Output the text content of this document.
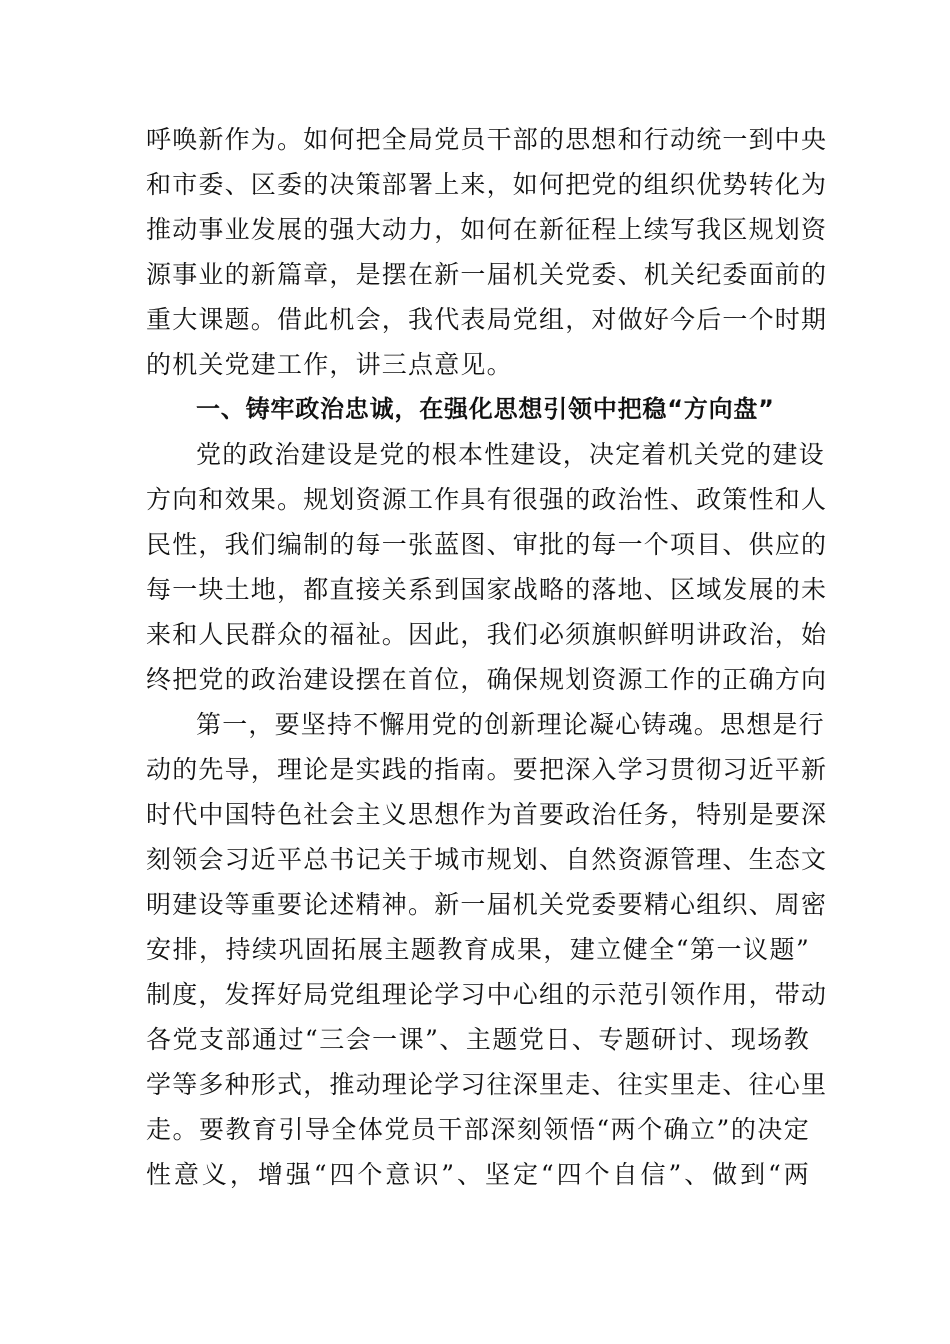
呼唤新作为。如何把全局党员干部的思想和行动统一到中央
和市委、区委的决策部署上来，如何把党的组织优势转化为
推动事业发展的强大动力，如何在新征程上续写我区规划资
源事业的新篇章，是摆在新一届机关党委、机关纪委面前的
重大课题。借此机会，我代表局党组，对做好今后一个时期
的机关党建工作，讲三点意见。
一、铸牢政治忠诚，在强化思想引领中把稳“方向盘”
党的政治建设是党的根本性建设，决定着机关党的建设
方向和效果。规划资源工作具有很强的政治性、政策性和人
民性，我们编制的每一张蓝图、审批的每一个项目、供应的
每一块土地，都直接关系到国家战略的落地、区域发展的未
来和人民群众的福祉。因此，我们必须旗帜鲜明讲政治，始
终把党的政治建设摆在首位，确保规划资源工作的正确方向
第一，要坚持不懈用党的创新理论凝心铸魂。思想是行
动的先导，理论是实践的指南。要把深入学习贯彻习近平新
时代中国特色社会主义思想作为首要政治任务，特别是要深
刻领会习近平总书记关于城市规划、自然资源管理、生态文
明建设等重要论述精神。新一届机关党委要精心组织、周密
安排，持续巩固拓展主题教育成果，建立健全“第一议题”
制度，发挥好局党组理论学习中心组的示范引领作用，带动
各党支部通过“三会一课”、主题党日、专题研讨、现场教
学等多种形式，推动理论学习往深里走、往实里走、往心里
走。要教育引导全体党员干部深刻领悟“两个确立”的决定
性意义，增强“四个意识”、坚定“四个自信”、做到“两
